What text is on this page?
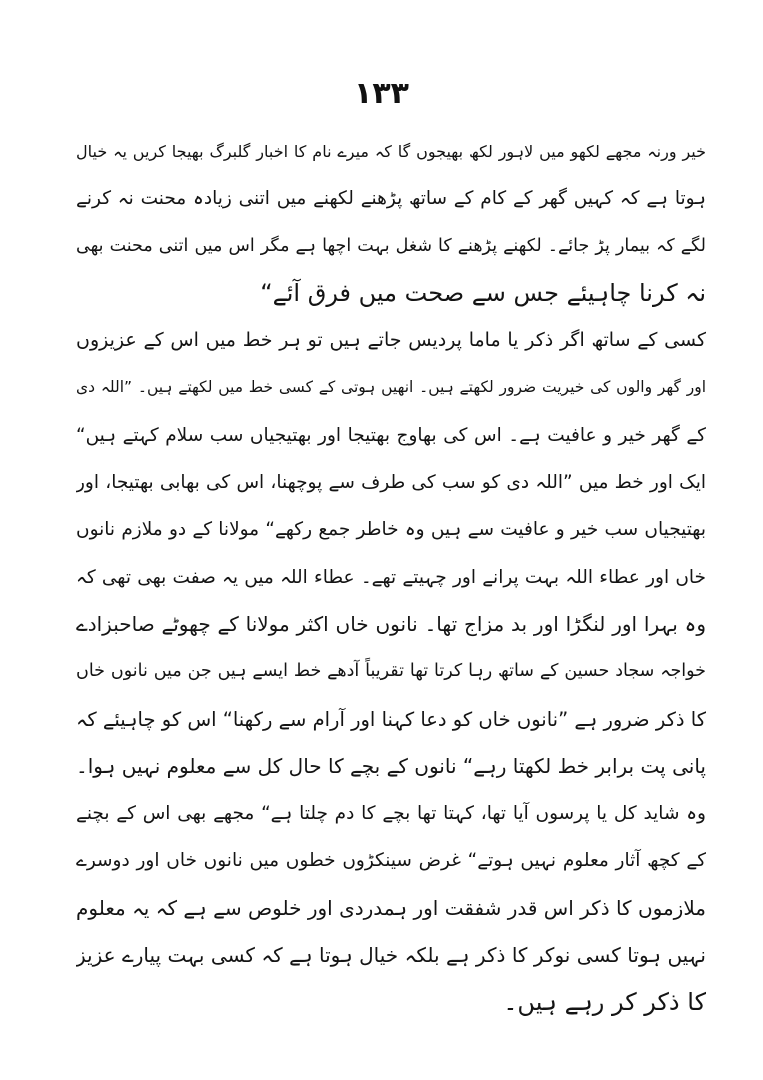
١٣٣
خیر ورنہ مجھے لکھو میں لاہور لکھ بھیجوں گا کہ میرے نام کا اخبار گلبرگ بھیجا کریں یہ خیال
ہوتا ہے کہ کہیں گھر کے کام کے ساتھ پڑھنے لکھنے میں اتنی زیادہ محنت نہ کرنے
لگے کہ بیمار پڑ جائے۔ لکھنے پڑھنے کا شغل بہت اچھا ہے مگر اس میں اتنی محنت بھی
نہ کرنا چاہیئے جس سے صحت میں فرق آئے“
کسی کے ساتھ اگر ذکر یا ماما پردیس جاتے ہیں تو ہر خط میں اس کے عزیزوں
اور گھر والوں کی خیریت ضرور لکھتے ہیں۔ انھیں ہوتی کے کسی خط میں لکھتے ہیں۔ ”اللہ دی
کے گھر خیر و عافیت ہے۔ اس کی بھاوج بھتیجا اور بھتیجیاں سب سلام کہتے ہیں“
ایک اور خط میں ”اللہ دی کو سب کی طرف سے پوچھنا، اس کی بھابی بھتیجا، اور
بھتیجیاں سب خیر و عافیت سے ہیں وہ خاطر جمع رکھے“ مولانا کے دو ملازم نانوں
خاں اور عطاء اللہ بہت پرانے اور چہیتے تھے۔ عطاء اللہ میں یہ صفت بھی تھی کہ
وہ بہرا اور لنگڑا اور بد مزاج تھا۔ نانوں خاں اکثر مولانا کے چھوٹے صاحبزادے
خواجہ سجاد حسین کے ساتھ رہا کرتا تھا تقریباً آدھے خط ایسے ہیں جن میں نانوں خاں
کا ذکر ضرور ہے ”نانوں خاں کو دعا کہنا اور آرام سے رکھنا“ اس کو چاہیئے کہ
پانی پت برابر خط لکھتا رہے“ نانوں کے بچے کا حال کل سے معلوم نہیں ہوا۔
وہ شاید کل یا پرسوں آیا تھا، کہتا تھا بچے کا دم چلتا ہے“ مجھے بھی اس کے بچنے
کے کچھ آثار معلوم نہیں ہوتے“ غرض سینکڑوں خطوں میں نانوں خاں اور دوسرے
ملازموں کا ذکر اس قدر شفقت اور ہمدردی اور خلوص سے ہے کہ یہ معلوم
نہیں ہوتا کسی نوکر کا ذکر ہے بلکہ خیال ہوتا ہے کہ کسی بہت پیارے عزیز
کا ذکر کر رہے ہیں۔
